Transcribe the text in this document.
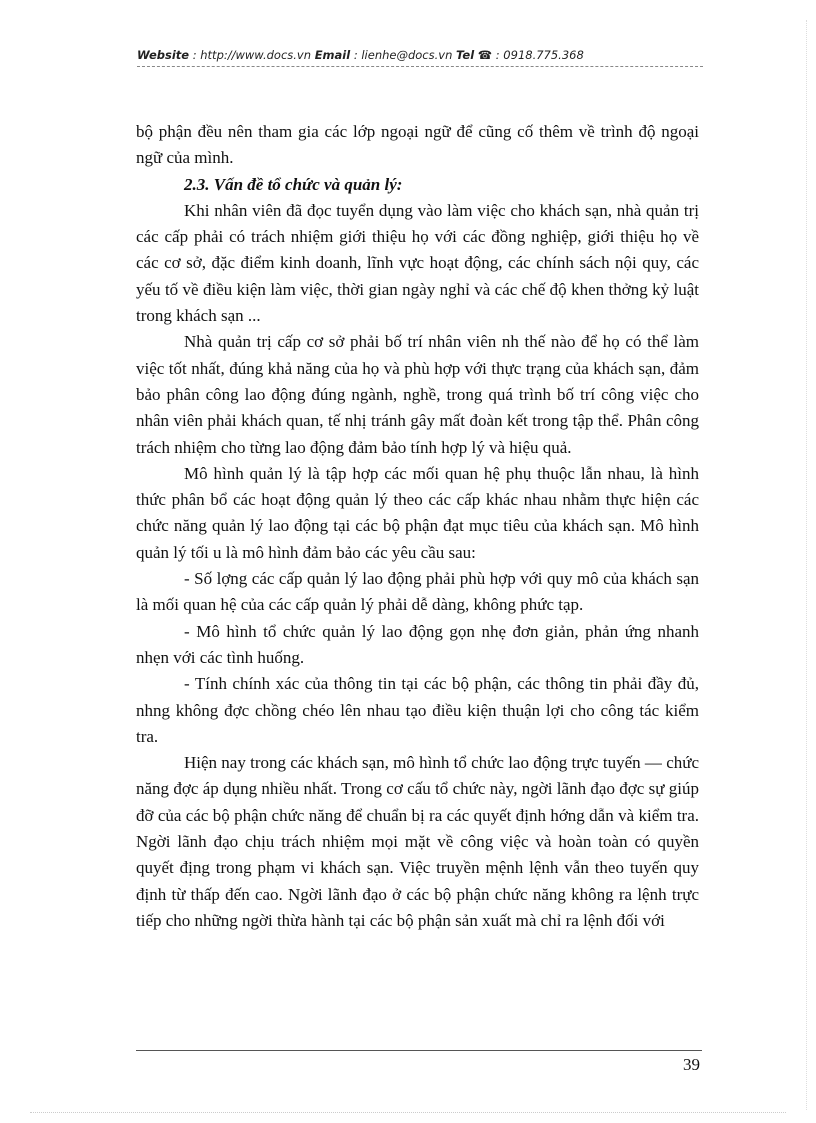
Website : http://www.docs.vn Email : lienhe@docs.vn Tel ☎ : 0918.775.368

bộ phận đều nên tham gia các lớp ngoại ngữ để cũng cố thêm về trình độ ngoại ngữ của mình.

2.3. Vấn đề tổ chức và quản lý:

Khi nhân viên đã đọc tuyển dụng vào làm việc cho khách sạn, nhà quản trị các cấp phải có trách nhiệm giới thiệu họ với các đồng nghiệp, giới thiệu họ về các cơ sở, đặc điểm kinh doanh, lĩnh vực hoạt động, các chính sách nội quy, các yếu tố về điều kiện làm việc, thời gian ngày nghỉ và các chế độ khen thởng kỷ luật trong khách sạn ...

Nhà quản trị cấp cơ sở phải bố trí nhân viên nh thế nào để họ có thể làm việc tốt nhất, đúng khả năng của họ và phù hợp với thực trạng của khách sạn, đảm bảo phân công lao động đúng ngành, nghề, trong quá trình bố trí công việc cho nhân viên phải khách quan, tế nhị tránh gây mất đoàn kết trong tập thể. Phân công trách nhiệm cho từng lao động đảm bảo tính hợp lý và hiệu quả.

Mô hình quản lý là tập hợp các mối quan hệ phụ thuộc lẫn nhau, là hình thức phân bổ các hoạt động quản lý theo các cấp khác nhau nhằm thực hiện các chức năng quản lý lao động tại các bộ phận đạt mục tiêu của khách sạn. Mô hình quản lý tối u là mô hình đảm bảo các yêu cầu sau:

- Số lợng các cấp quản lý lao động phải phù hợp với quy mô của khách sạn là mối quan hệ của các cấp quản lý phải dễ dàng, không phức tạp.

- Mô hình tổ chức quản lý lao động gọn nhẹ đơn giản, phản ứng nhanh nhẹn với các tình huống.

- Tính chính xác của thông tin tại các bộ phận, các thông tin phải đầy đủ, nhng không đợc chồng chéo lên nhau tạo điều kiện thuận lợi cho công tác kiểm tra.

Hiện nay trong các khách sạn, mô hình tổ chức lao động trực tuyến — chức năng đợc áp dụng nhiều nhất. Trong cơ cấu tổ chức này, ngời lãnh đạo đợc sự giúp đỡ của các bộ phận chức năng để chuẩn bị ra các quyết định hớng dẫn và kiểm tra. Ngời lãnh đạo chịu trách nhiệm mọi mặt về công việc và hoàn toàn có quyền quyết địng trong phạm vi khách sạn. Việc truyền mệnh lệnh vẫn theo tuyến quy định từ thấp đến cao. Ngời lãnh đạo ở các bộ phận chức năng không ra lệnh trực tiếp cho những ngời thừa hành tại các bộ phận sản xuất mà chỉ ra lệnh đối với

39
